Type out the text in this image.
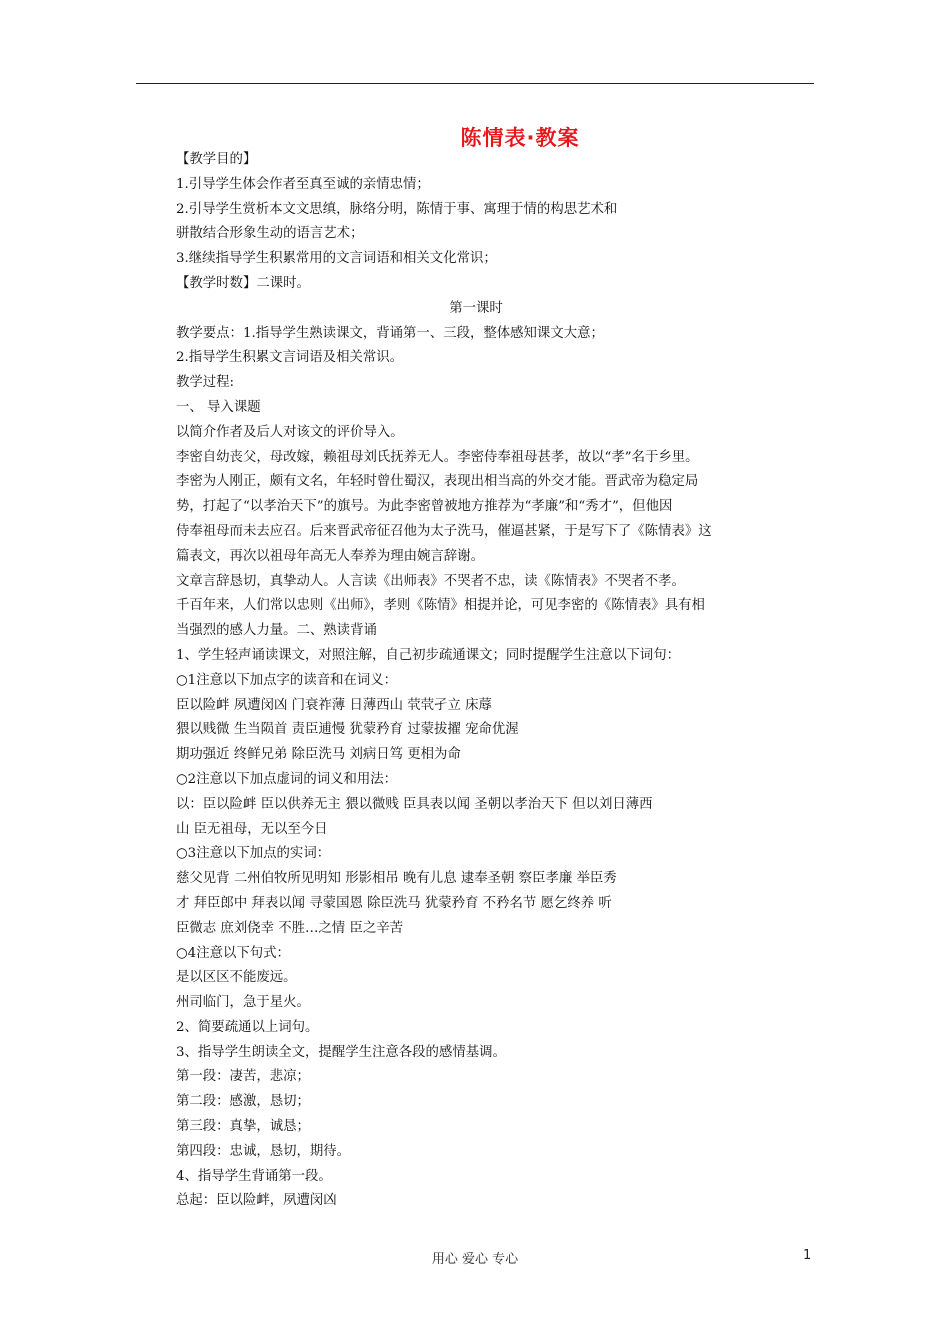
陈情表·教案
【教学目的】
1.引导学生体会作者至真至诚的亲情忠情；
2.引导学生赏析本文文思缜，脉络分明，陈情于事、寓理于情的构思艺术和
骈散结合形象生动的语言艺术；
3.继续指导学生积累常用的文言词语和相关文化常识；
【教学时数】二课时。
第一课时
教学要点：1.指导学生熟读课文，背诵第一、三段，整体感知课文大意；
2.指导学生积累文言词语及相关常识。
教学过程:
一、 导入课题
以简介作者及后人对该文的评价导入。
李密自幼丧父，母改嫁，赖祖母刘氏抚养无人。李密侍奉祖母甚孝，故以“孝”名于乡里。
李密为人刚正，颇有文名，年轻时曾仕蜀汉，表现出相当高的外交才能。晋武帝为稳定局
势，打起了“以孝治天下”的旗号。为此李密曾被地方推荐为“孝廉”和“秀才”，但他因
侍奉祖母而未去应召。后来晋武帝征召他为太子洗马，催逼甚紧，于是写下了《陈情表》这
篇表文，再次以祖母年高无人奉养为理由婉言辞谢。
文章言辞恳切，真挚动人。人言读《出师表》不哭者不忠，读《陈情表》不哭者不孝。
千百年来，人们常以忠则《出师》，孝则《陈情》相提并论，可见李密的《陈情表》具有相
当强烈的感人力量。二、熟读背诵
1、学生轻声诵读课文，对照注解，自己初步疏通课文；同时提醒学生注意以下词句：
○1注意以下加点字的读音和在词义：
臣以险衅 夙遭闵凶 门衰祚薄 日薄西山 茕茕孑立 床蓐
猥以贱微 生当陨首 责臣逋慢 犹蒙矜育 过蒙拔擢 宠命优渥
期功强近 终鲜兄弟 除臣洗马 刘病日笃 更相为命
○2注意以下加点虚词的词义和用法：
以：臣以险衅 臣以供养无主 猥以微贱 臣具表以闻 圣朝以孝治天下 但以刘日薄西
山 臣无祖母，无以至今日
○3注意以下加点的实词：
慈父见背 二州伯牧所见明知 形影相吊 晚有儿息 逮奉圣朝 察臣孝廉 举臣秀
才 拜臣郎中 拜表以闻 寻蒙国恩 除臣洗马 犹蒙矜育 不矜名节 愿乞终养 听
臣微志 庶刘侥幸 不胜…之情 臣之辛苦
○4注意以下句式：
是以区区不能废远。
州司临门，急于星火。
2、简要疏通以上词句。
3、指导学生朗读全文，提醒学生注意各段的感情基调。
第一段：凄苦，悲凉；
第二段：感激，恳切；
第三段：真挚，诚恳；
第四段：忠诚，恳切，期待。
4、指导学生背诵第一段。
总起：臣以险衅，夙遭闵凶
用心 爱心 专心	1
